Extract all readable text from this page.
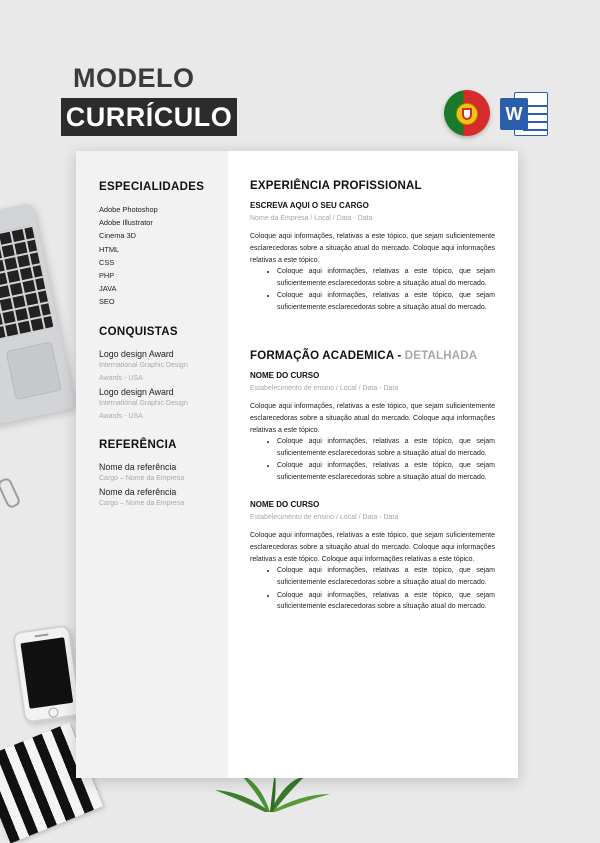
MODELO
CURRÍCULO	W
ESPECIALIDADES
Adobe Photoshop
Adobe Illustrator
Cinema 3D
HTML
CSS
PHP
JAVA
SEO
CONQUISTAS
Logo design Award
International Graphic Design
Awards - USA
Logo design Award
International Graphic Design
Awards - USA
REFERÊNCIA
Nome da referência
Cargo – Nome da Empresa
Nome da referência
Cargo – Nome da Empresa
EXPERIÊNCIA PROFISSIONAL
ESCREVA AQUI O SEU CARGO
Nome da Empresa / Local / Data - Data
Coloque aqui informações, relativas a este tópico, que sejam suficientemente esclarecedoras sobre a situação atual do mercado. Coloque aqui informações relativas a este tópico.
• Coloque aqui informações, relativas a este tópico, que sejam suficientemente esclarecedoras sobre a situação atual do mercado.
• Coloque aqui informações, relativas a este tópico, que sejam suficientemente esclarecedoras sobre a situação atual do mercado.
FORMAÇÃO ACADEMICA - DETALHADA
NOME DO CURSO
Estabelecimento de ensino / Local / Data - Data
Coloque aqui informações, relativas a este tópico, que sejam suficientemente esclarecedoras sobre a situação atual do mercado. Coloque aqui informações relativas a este tópico.
• Coloque aqui informações, relativas a este tópico, que sejam suficientemente esclarecedoras sobre a situação atual do mercado.
• Coloque aqui informações, relativas a este tópico, que sejam suficientemente esclarecedoras sobre a situação atual do mercado.
NOME DO CURSO
Estabelecimento de ensino / Local / Data - Data
Coloque aqui informações, relativas a este tópico, que sejam suficientemente esclarecedoras sobre a situação atual do mercado. Coloque aqui informações relativas a este tópico. Coloque aqui informações relativas a este tópico.
• Coloque aqui informações, relativas a este tópico, que sejam suficientemente esclarecedoras sobre a situação atual do mercado.
• Coloque aqui informações, relativas a este tópico, que sejam suficientemente esclarecedoras sobre a situação atual do mercado.
